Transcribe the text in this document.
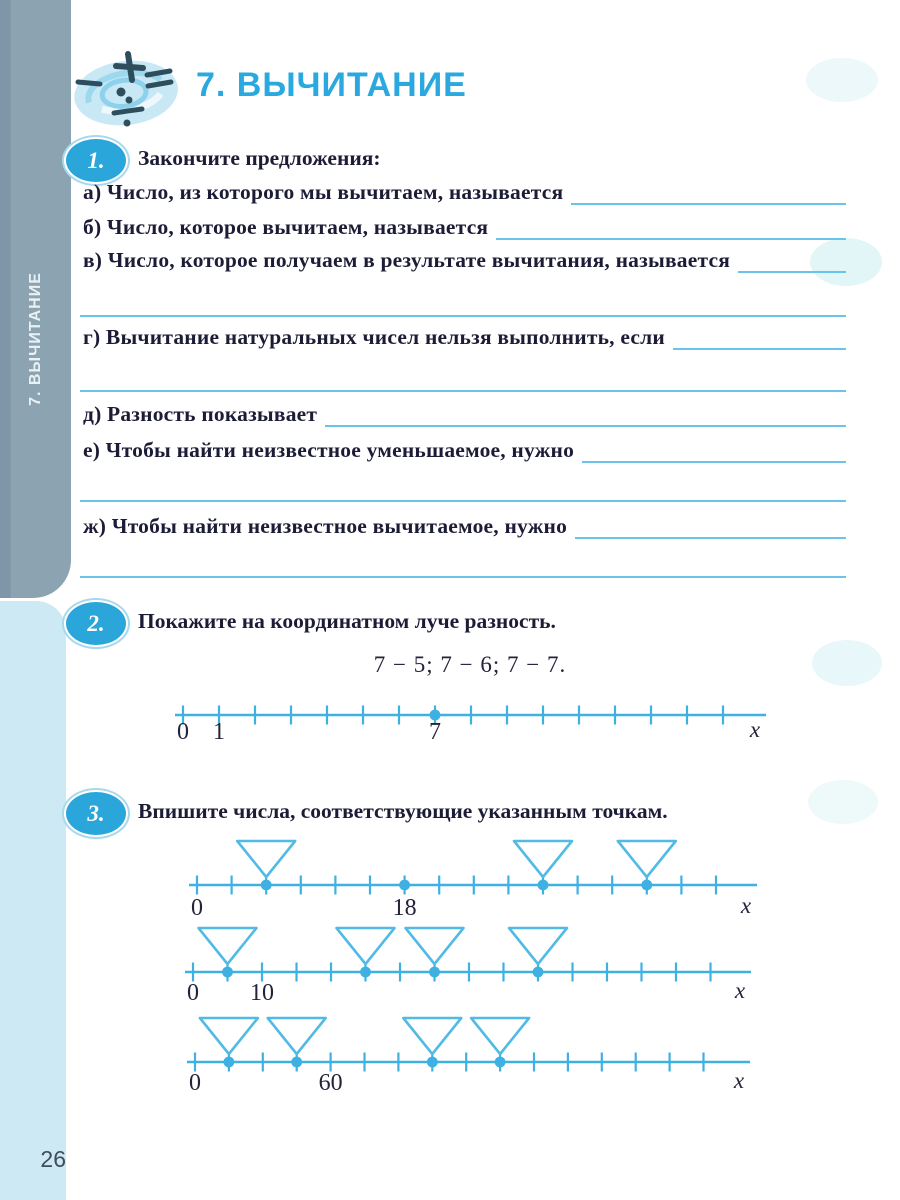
7. ВЫЧИТАНИЕ
26
7. ВЫЧИТАНИЕ
1.	Закончите предложения:
а) Число, из которого мы вычитаем, называется
б) Число, которое вычитаем, называется
в) Число, которое получаем в результате вычитания, называется
г) Вычитание натуральных чисел нельзя выполнить, если
д) Разность показывает
е) Чтобы найти неизвестное уменьшаемое, нужно
ж) Чтобы найти неизвестное вычитаемое, нужно
2.	Покажите на координатном луче разность.
7 − 5; 7 − 6; 7 − 7.
0 1	7	x
3.	Впишите числа, соответствующие указанным точкам.
0	18	x
0 10	x
0	60	x
